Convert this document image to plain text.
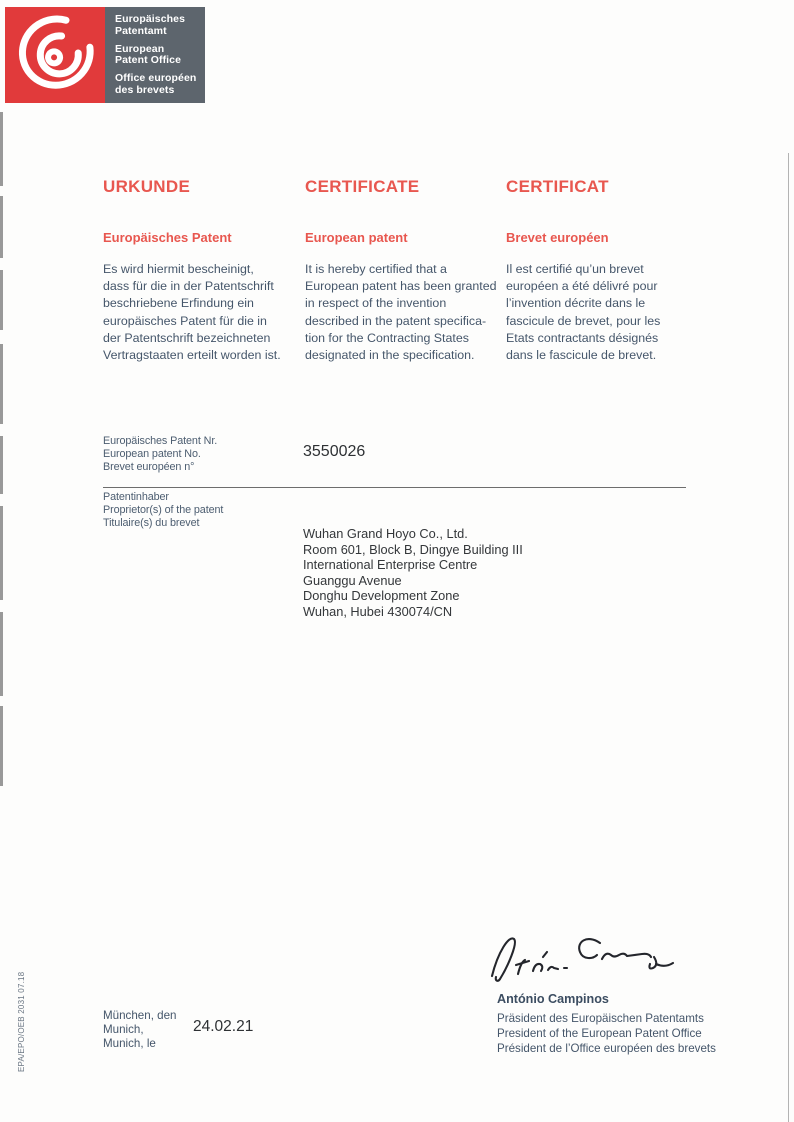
Europäisches
Patentamt
European
Patent Office
Office européen
des brevets
URKUNDE
Europäisches Patent
Es wird hiermit bescheinigt,
dass für die in der Patentschrift
beschriebene Erfindung ein
europäisches Patent für die in
der Patentschrift bezeichneten
Vertragstaaten erteilt worden ist.
CERTIFICATE
European patent
It is hereby certified that a
European patent has been granted
in respect of the invention
described in the patent specifica-
tion for the Contracting States
designated in the specification.
CERTIFICAT
Brevet européen
Il est certifié qu’un brevet
européen a été délivré pour
l’invention décrite dans le
fascicule de brevet, pour les
Etats contractants désignés
dans le fascicule de brevet.
Europäisches Patent Nr.
European patent No.
Brevet européen n°
3550026
Patentinhaber
Proprietor(s) of the patent
Titulaire(s) du brevet
Wuhan Grand Hoyo Co., Ltd.
Room 601, Block B, Dingye Building III
International Enterprise Centre
Guanggu Avenue
Donghu Development Zone
Wuhan, Hubei 430074/CN
António Campinos
Präsident des Europäischen Patentamts
President of the European Patent Office
Président de l’Office européen des brevets
München, den
Munich,
Munich, le
24.02.21
EPA/EPO/OEB 2031 07.18
